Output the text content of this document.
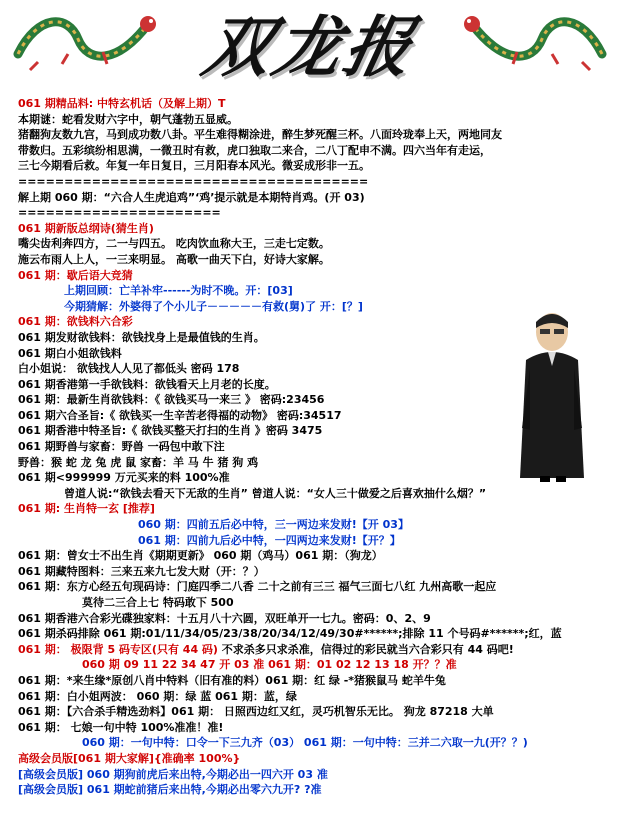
双龙报
061 期精品料: 中特玄机话（及解上期）T
本期谜：蛇看发财六字中，朝气蓬勃五显威。
猪翻狗友数九宫，马到成功数八卦。平生难得糊涂进，醉生梦死醒三杯。八面玲珑奉上天，两地同友
带数归。五彩缤纷相思满，一微丑时有救，虎口独取二来合，二八丁配申不满。四六当年有走运，
三七今期看后救。年复一年日复日，三月阳春本风光。微妥成形非一五。
======================================
解上期 060 期：“六合人生虎追鸡”‘鸡’提示就是本期特肖鸡。(开 03)
======================
061 期新版总纲诗(猜生肖)
嘴尖齿利奔四方，二一与四五。 吃肉饮血称大王，三走七定数。
施云布雨人上人，一三来明显。 高歌一曲天下白，好诗大家解。
061 期：歇后语大竞猜
上期回顾：亡羊补牢------为时不晚。开：[03]
今期猜解：外婆得了个小儿子－－－－－有救(舅)了 开：[？]
061 期：欲钱料六合彩
061 期发财欲钱料：欲钱找身上是最值钱的生肖。
061 期白小姐欲钱料
白小姐说： 欲钱找人人见了都低头 密码 178
061 期香港第一手欲钱料：欲钱看天上月老的长度。
061 期：最新生肖欲钱料：《 欲钱买马一来三 》 密码:23456
061 期六合圣旨:《 欲钱买一生辛苦老得福的动物》 密码:34517
061 期香港中特圣旨:《 欲钱买整天打扫的生肖 》密码 3475
061 期野兽与家畜：野兽 一码包中敢下注
野兽：猴 蛇 龙 兔 虎 鼠 家畜：羊 马 牛 猪 狗 鸡
061 期<999999 万元买来的料 100%准
曾道人说:“欲钱去看天下无敌的生肖” 曾道人说：“女人三十做爱之后喜欢抽什么烟？”
061 期: 生肖特一玄 [推荐]
060 期：四前五后必中特，三一两边来发财!【开 03】
061 期：四前九后必中特，一四两边来发财!【开？】
061 期：曾女士不出生肖《期期更新》 060 期（鸡马）061 期：（狗龙）
061 期藏特图料：三来五来九七发大财（开：？）
061 期：东方心经五句现码诗：门庭四季二八香 二十之前有三三 福气三面七八红 九州高歌一起应
莫待二三合上七 特码敢下 500
061 期香港六合彩光碟独家料：十五月八十六圆，双旺单开一七九。密码：0、2、9
061 期杀码排除 061 期:01/11/34/05/23/38/20/34/12/49/30#******;排除 11 个号码#******;红，蓝
061 期： 极限背 5 码专区(只有 44 码) 不求杀多只求杀准，信得过的彩民就当六合彩只有 44 码吧!
060 期 09 11 22 34 47 开 03 准 061 期：01 02 12 13 18 开？？准
061 期：*来生缘*原创八肖中特料（旧有准的料）061 期：红 绿 -*猪猴鼠马 蛇羊牛兔
061 期：白小姐两波： 060 期：绿 蓝 061 期：蓝，绿
061 期：【六合杀手精选劲料】061 期： 日照西边红又红，灵巧机智乐无比。 狗龙 87218 大单
061 期： 七娘一句中特 100%准准！准!
060 期：一句中特：口令一下三九齐（03） 061 期：一句中特：三并二六取一九(开？？)
高级会员版[061 期大家解]{准确率 100%}
[高级会员版] 060 期狗前虎后来出特,今期必出一四六开 03 准
[高级会员版] 061 期蛇前猪后来出特,今期必出零六九开? ?准
